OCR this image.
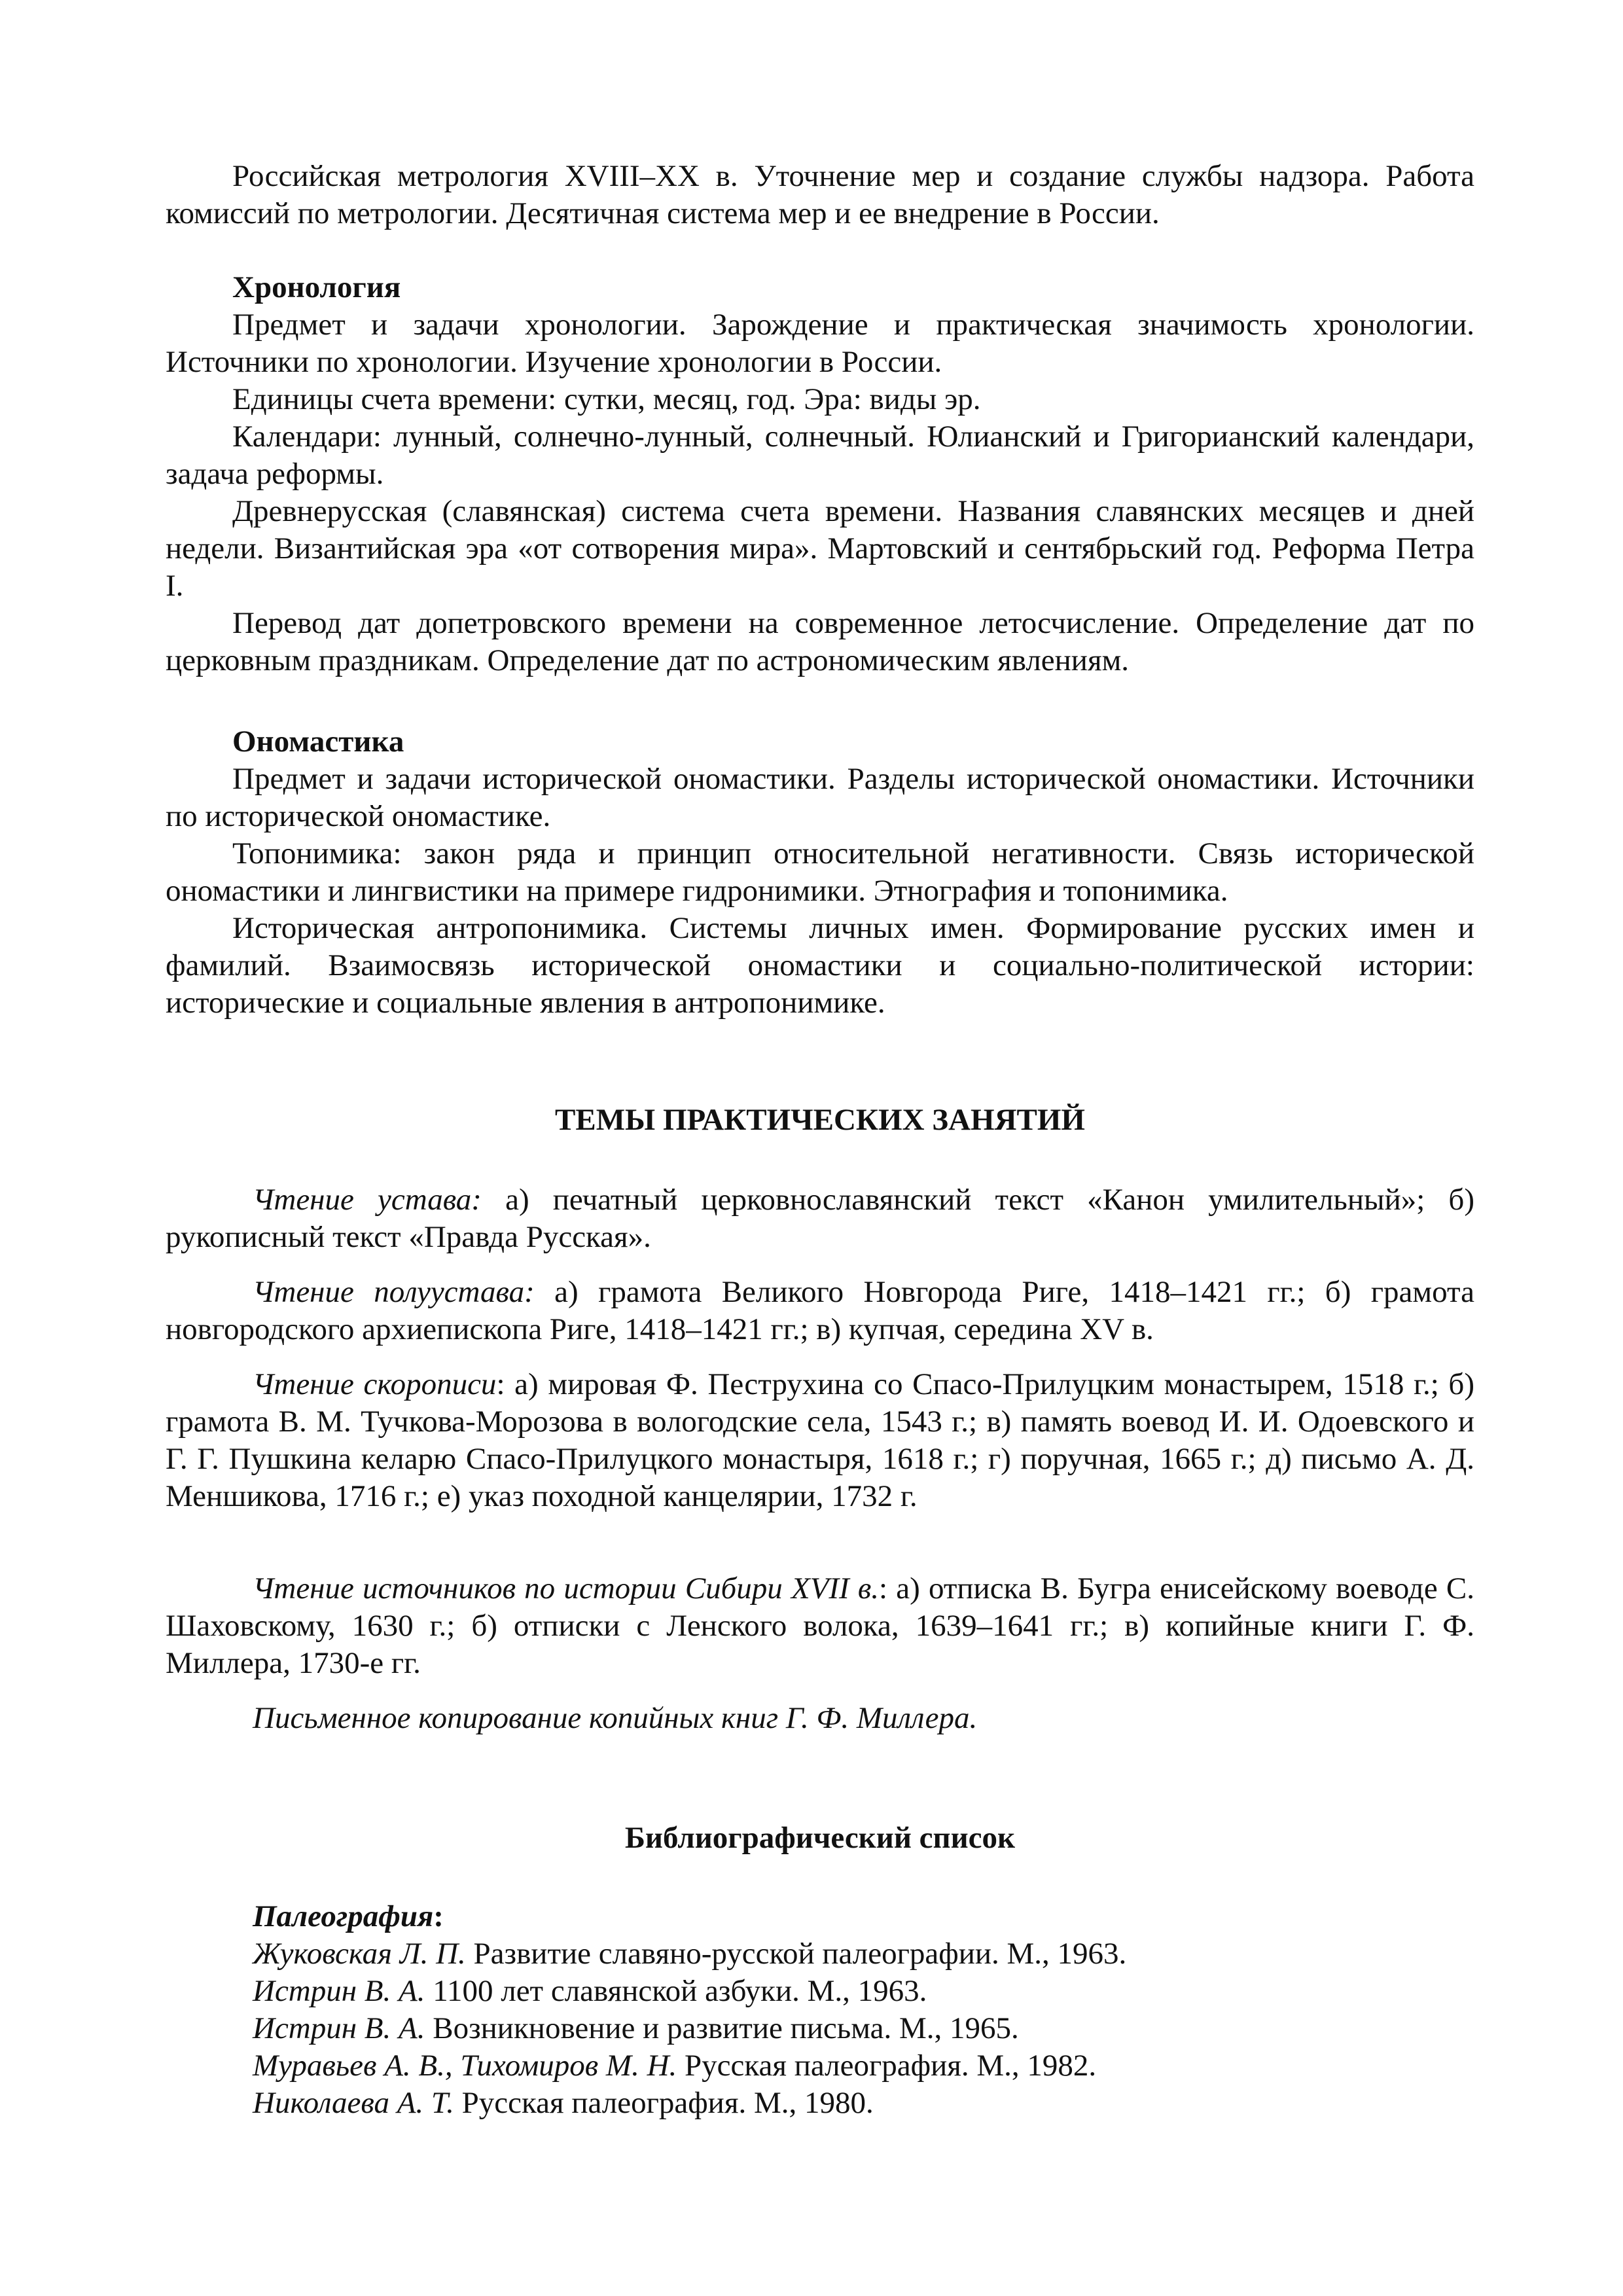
Российская метрология XVIII–XX в. Уточнение мер и создание службы надзора. Работа комиссий по метрологии. Десятичная система мер и ее внедрение в России.

Хронология

Предмет и задачи хронологии. Зарождение и практическая значимость хронологии. Источники по хронологии. Изучение хронологии в России.

Единицы счета времени: сутки, месяц, год. Эра: виды эр.

Календари: лунный, солнечно-лунный, солнечный. Юлианский и Григорианский календари, задача реформы.

Древнерусская (славянская) система счета времени. Названия славянских месяцев и дней недели. Византийская эра «от сотворения мира». Мартовский и сентябрьский год. Реформа Петра I.

Перевод дат допетровского времени на современное летосчисление. Определение дат по церковным праздникам. Определение дат по астрономическим явлениям.

Ономастика

Предмет и задачи исторической ономастики. Разделы исторической ономастики. Источники по исторической ономастике.

Топонимика: закон ряда и принцип относительной негативности. Связь исторической ономастики и лингвистики на примере гидронимики. Этнография и топонимика.

Историческая антропонимика. Системы личных имен. Формирование русских имен и фамилий. Взаимосвязь исторической ономастики и социально-политической истории: исторические и социальные явления в антропонимике.

ТЕМЫ ПРАКТИЧЕСКИХ ЗАНЯТИЙ

Чтение устава: а) печатный церковнославянский текст «Канон умилительный»; б) рукописный текст «Правда Русская».

Чтение полуустава: а) грамота Великого Новгорода Риге, 1418–1421 гг.; б) грамота новгородского архиепископа Риге, 1418–1421 гг.; в) купчая, середина XV в.

Чтение скорописи: а) мировая Ф. Пеструхина со Спасо-Прилуцким монастырем, 1518 г.; б) грамота В. М. Тучкова-Морозова в вологодские села, 1543 г.; в) память воевод И. И. Одоевского и Г. Г. Пушкина келарю Спасо-Прилуцкого монастыря, 1618 г.; г) поручная, 1665 г.; д) письмо А. Д. Меншикова, 1716 г.; е) указ походной канцелярии, 1732 г.

Чтение источников по истории Сибири XVII в.: а) отписка В. Бугра енисейскому воеводе С. Шаховскому, 1630 г.; б) отписки с Ленского волока, 1639–1641 гг.; в) копийные книги Г. Ф. Миллера, 1730-е гг.

Письменное копирование копийных книг Г. Ф. Миллера.

Библиографический список

Палеография:

Жуковская Л. П. Развитие славяно-русской палеографии. М., 1963.

Истрин В. А. 1100 лет славянской азбуки. М., 1963.

Истрин В. А. Возникновение и развитие письма. М., 1965.

Муравьев А. В., Тихомиров М. Н. Русская палеография. М., 1982.

Николаева А. Т. Русская палеография. М., 1980.
